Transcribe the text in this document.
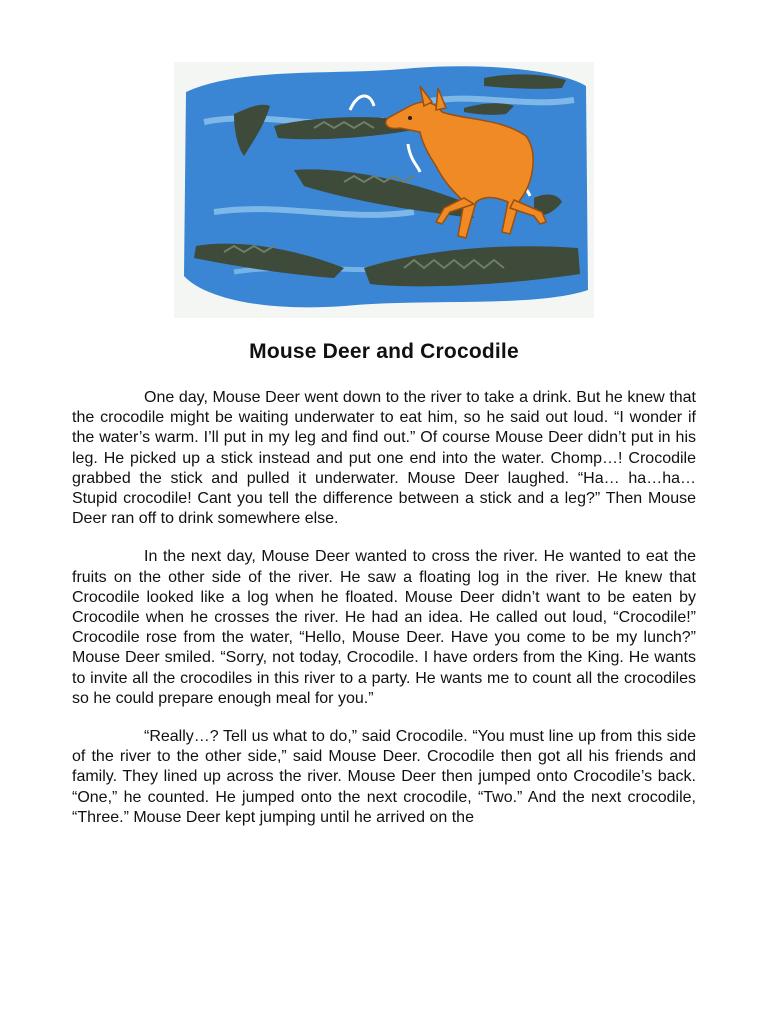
Mouse Deer and Crocodile

One day, Mouse Deer went down to the river to take a drink. But he knew that the crocodile might be waiting underwater to eat him, so he said out loud. “I wonder if the water’s warm. I’ll put in my leg and find out.” Of course Mouse Deer didn’t put in his leg. He picked up a stick instead and put one end into the water. Chomp…! Crocodile grabbed the stick and pulled it underwater. Mouse Deer laughed. “Ha… ha…ha… Stupid crocodile! Cant you tell the difference between a stick and a leg?” Then Mouse Deer ran off to drink somewhere else.

In the next day, Mouse Deer wanted to cross the river. He wanted to eat the fruits on the other side of the river. He saw a floating log in the river. He knew that Crocodile looked like a log when he floated. Mouse Deer didn’t want to be eaten by Crocodile when he crosses the river. He had an idea. He called out loud, “Crocodile!” Crocodile rose from the water, “Hello, Mouse Deer. Have you come to be my lunch?” Mouse Deer smiled. “Sorry, not today, Crocodile. I have orders from the King. He wants to invite all the crocodiles in this river to a party. He wants me to count all the crocodiles so he could prepare enough meal for you.”

“Really…? Tell us what to do,” said Crocodile. “You must line up from this side of the river to the other side,” said Mouse Deer. Crocodile then got all his friends and family. They lined up across the river. Mouse Deer then jumped onto Crocodile’s back. “One,” he counted. He jumped onto the next crocodile, “Two.” And the next crocodile, “Three.” Mouse Deer kept jumping until he arrived on the
